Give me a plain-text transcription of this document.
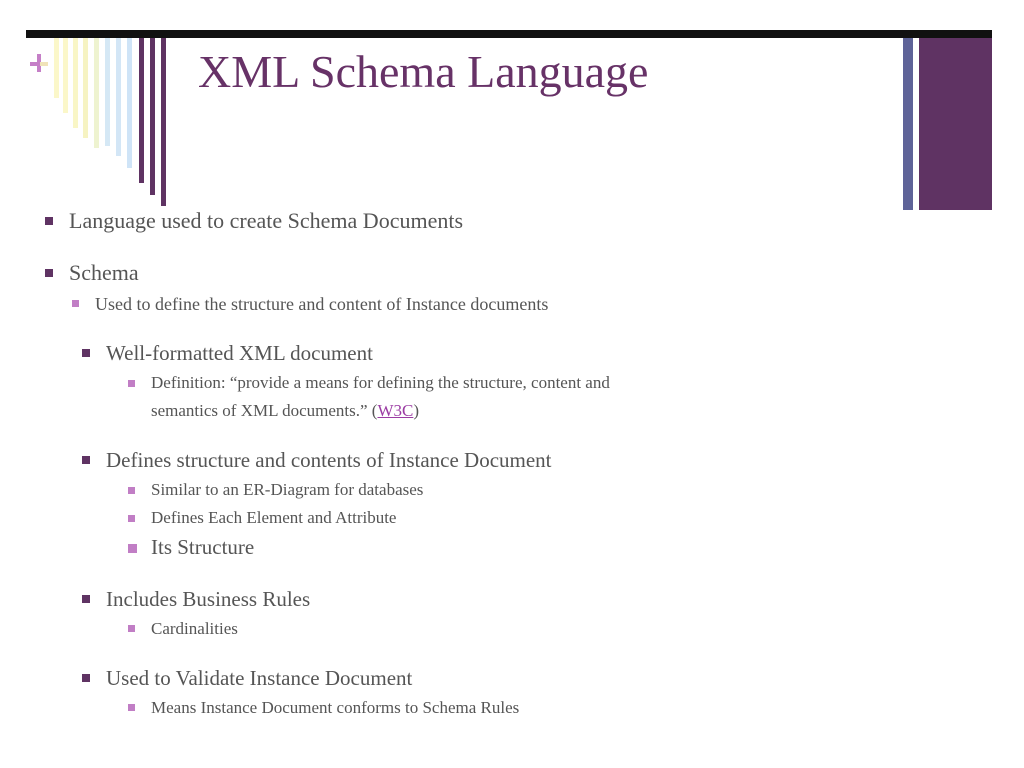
XML Schema Language
Language used to create Schema Documents
Schema
Used to define the structure and content of Instance documents
Well-formatted XML document
Definition: “provide a means for defining the structure, content and
semantics of XML documents.” (W3C)
Defines structure and contents of Instance Document
Similar to an ER-Diagram for databases
Defines Each Element and Attribute
Its Structure
Includes Business Rules
Cardinalities
Used to Validate Instance Document
Means Instance Document conforms to Schema Rules
